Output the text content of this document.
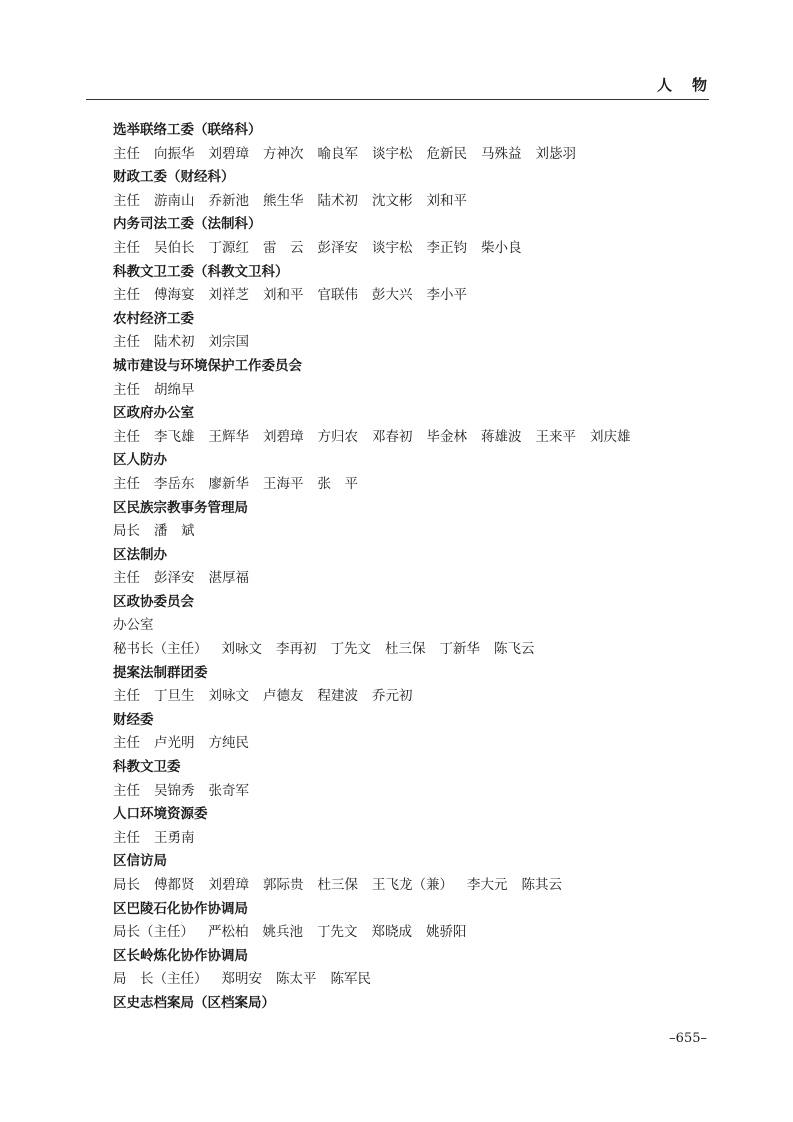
人 物
选举联络工委（联络科）
主任 向振华 刘碧璋 方神次 喻良军 谈宇松 危新民 马殊益 刘毖羽
财政工委（财经科）
主任 游南山 乔新池 熊生华 陆术初 沈文彬 刘和平
内务司法工委（法制科）
主任 吴伯长 丁源红 雷　云 彭泽安 谈宇松 李正钧 柴小良
科教文卫工委（科教文卫科）
主任 傅海宴 刘祥芝 刘和平 官联伟 彭大兴 李小平
农村经济工委
主任 陆术初 刘宗国
城市建设与环境保护工作委员会
主任 胡绵早
区政府办公室
主任 李飞雄 王辉华 刘碧璋 方归农 邓春初 毕金林 蒋雄波 王来平 刘庆雄
区人防办
主任 李岳东 廖新华 王海平 张　平
区民族宗教事务管理局
局长 潘　斌
区法制办
主任 彭泽安 湛厚福
区政协委员会
办公室
秘书长（主任） 刘咏文 李再初 丁先文 杜三保 丁新华 陈飞云
提案法制群团委
主任 丁旦生 刘咏文 卢德友 程建波 乔元初
财经委
主任 卢光明 方纯民
科教文卫委
主任 吴锦秀 张奇军
人口环境资源委
主任 王勇南
区信访局
局长 傅都贤 刘碧璋 郭际贵 杜三保 王飞龙（兼） 李大元 陈其云
区巴陵石化协作协调局
局长（主任） 严松柏 姚兵池 丁先文 郑晓成 姚骄阳
区长岭炼化协作协调局
局　长（主任） 郑明安 陈太平 陈军民
区史志档案局（区档案局）
–655–
